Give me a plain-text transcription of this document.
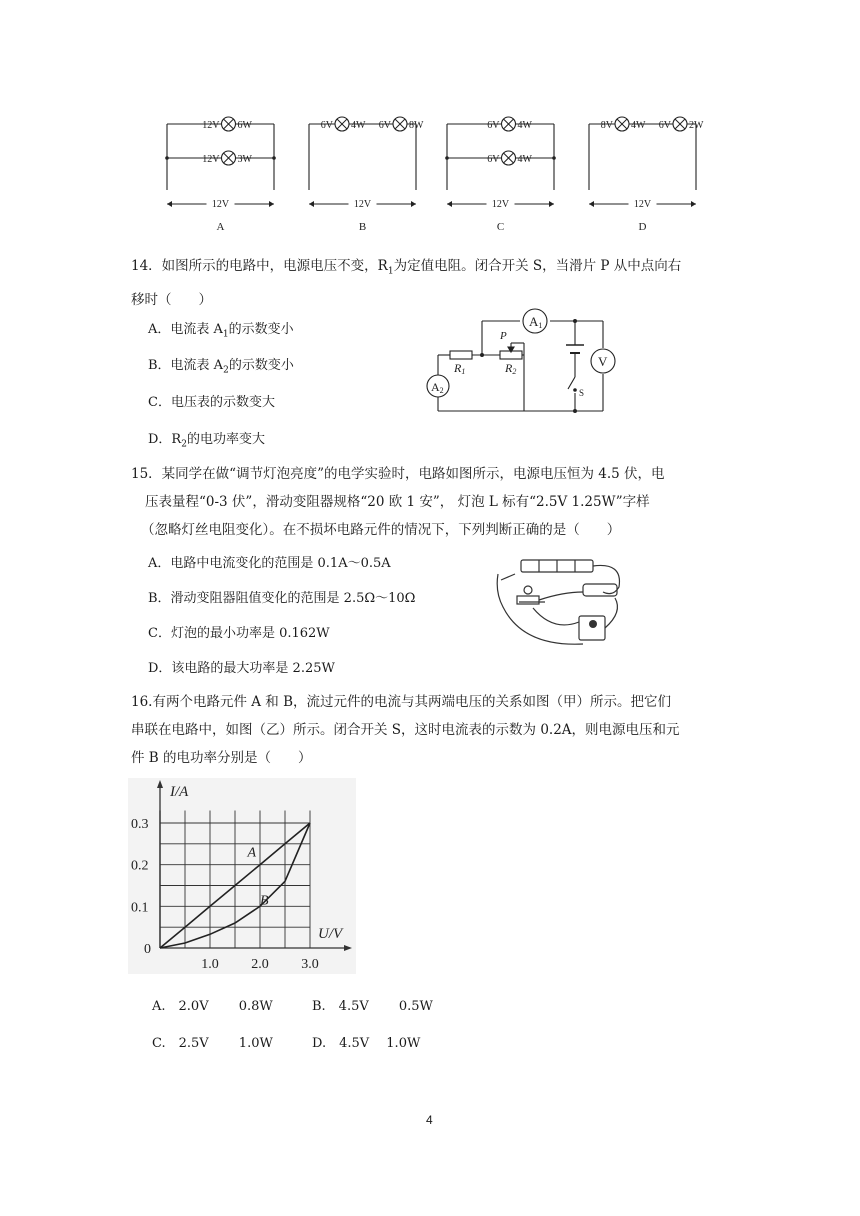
12V 6W
12V 3W
12V
A
6V 4W 6V 8W
12V
B
6V 4W
6V 4W
12V
C
8V 4W 6V 2W
12V
D
14．如图所示的电路中，电源电压不变，$R_1$为定值电阻。闭合开关 S，当滑片 P 从中点向右
移时（　　）
A．电流表 $A_1$的示数变小
B．电流表 $A_2$的示数变小
C．电压表的示数变大
D．$R_2$的电功率变大
A1
V
A2
P
R1	R2
S
15．某同学在做“调节灯泡亮度”的电学实验时，电路如图所示，电源电压恒为 4.5 伏，电
压表量程“0-3 伏”，滑动变阻器规格“20 欧 1 安”， 灯泡 L 标有“2.5V 1.25W”字样
（忽略灯丝电阻变化）。在不损坏电路元件的情况下，下列判断正确的是（　　）
A．电路中电流变化的范围是 0.1A～0.5A
B．滑动变阻器阻值变化的范围是 2.5Ω～10Ω
C．灯泡的最小功率是 0.162W
D．该电路的最大功率是 2.25W
16.有两个电路元件 A 和 B，流过元件的电流与其两端电压的关系如图（甲）所示。把它们
串联在电路中，如图（乙）所示。闭合开关 S，这时电流表的示数为 0.2A，则电源电压和元
件 B 的电功率分别是（　　）
A
B
0.1
0.2
0.3
1.0 2.0 3.0
0
I/A
U/V
A.　2.0V　　 0.8W	B.　4.5V　　 0.5W
C.　2.5V　　 1.0W	D.　4.5V　 1.0W
4
